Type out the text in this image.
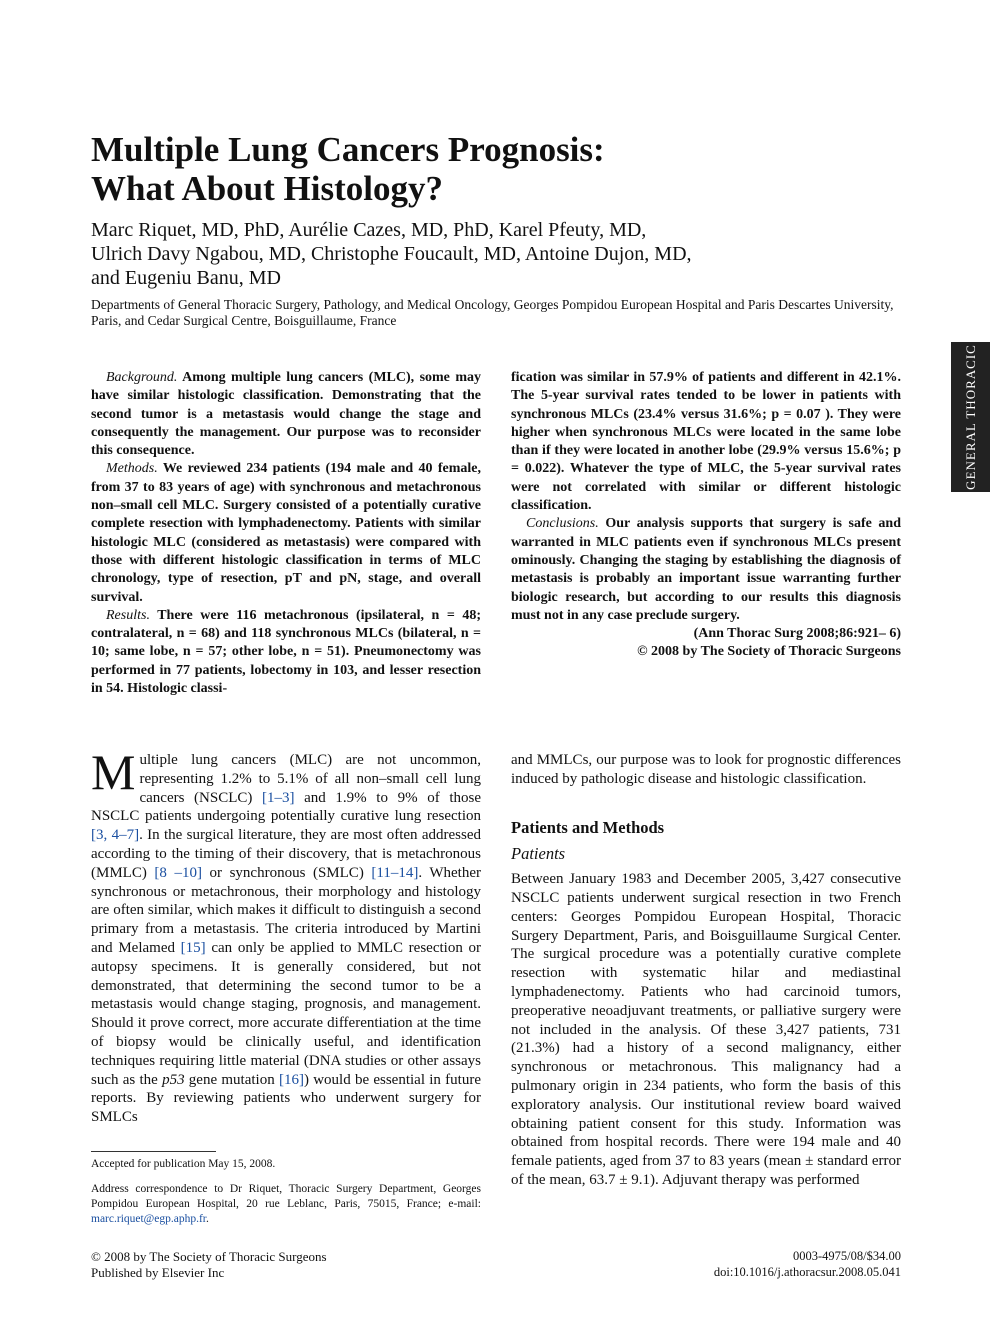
Multiple Lung Cancers Prognosis:
What About Histology?
Marc Riquet, MD, PhD, Aurélie Cazes, MD, PhD, Karel Pfeuty, MD,
Ulrich Davy Ngabou, MD, Christophe Foucault, MD, Antoine Dujon, MD,
and Eugeniu Banu, MD
Departments of General Thoracic Surgery, Pathology, and Medical Oncology, Georges Pompidou European Hospital and Paris Descartes University, Paris, and Cedar Surgical Centre, Boisguillaume, France
GENERAL THORACIC

Background. Among multiple lung cancers (MLC), some may have similar histologic classification. Demonstrating that the second tumor is a metastasis would change the stage and consequently the management. Our purpose was to reconsider this consequence.

Methods. We reviewed 234 patients (194 male and 40 female, from 37 to 83 years of age) with synchronous and metachronous non–small cell MLC. Surgery consisted of a potentially curative complete resection with lymphadenectomy. Patients with similar histologic MLC (considered as metastasis) were compared with those with different histologic classification in terms of MLC chronology, type of resection, pT and pN, stage, and overall survival.

Results. There were 116 metachronous (ipsilateral, n = 48; contralateral, n = 68) and 118 synchronous MLCs (bilateral, n = 10; same lobe, n = 57; other lobe, n = 51). Pneumonectomy was performed in 77 patients, lobectomy in 103, and lesser resection in 54. Histologic classi-

fication was similar in 57.9% of patients and different in 42.1%. The 5-year survival rates tended to be lower in patients with synchronous MLCs (23.4% versus 31.6%; p = 0.07 ). They were higher when synchronous MLCs were located in the same lobe than if they were located in another lobe (29.9% versus 15.6%; p = 0.022). Whatever the type of MLC, the 5-year survival rates were not correlated with similar or different histologic classification.

Conclusions. Our analysis supports that surgery is safe and warranted in MLC patients even if synchronous MLCs present ominously. Changing the staging by establishing the diagnosis of metastasis is probably an important issue warranting further biologic research, but according to our results this diagnosis must not in any case preclude surgery.

(Ann Thorac Surg 2008;86:921– 6)
© 2008 by The Society of Thoracic Surgeons

Multiple lung cancers (MLC) are not uncommon, representing 1.2% to 5.1% of all non–small cell lung cancers (NSCLC) [1–3] and 1.9% to 9% of those NSCLC patients undergoing potentially curative lung resection [3, 4–7]. In the surgical literature, they are most often addressed according to the timing of their discovery, that is metachronous (MMLC) [8 –10] or synchronous (SMLC) [11–14]. Whether synchronous or metachronous, their morphology and histology are often similar, which makes it difficult to distinguish a second primary from a metastasis. The criteria introduced by Martini and Melamed [15] can only be applied to MMLC resection or autopsy specimens. It is generally considered, but not demonstrated, that determining the second tumor to be a metastasis would change staging, prognosis, and management. Should it prove correct, more accurate differentiation at the time of biopsy would be clinically useful, and identification techniques requiring little material (DNA studies or other assays such as the p53 gene mutation [16]) would be essential in future reports. By reviewing patients who underwent surgery for SMLCs

and MMLCs, our purpose was to look for prognostic differences induced by pathologic disease and histologic classification.

Patients and Methods

Patients

Between January 1983 and December 2005, 3,427 consecutive NSCLC patients underwent surgical resection in two French centers: Georges Pompidou European Hospital, Thoracic Surgery Department, Paris, and Boisguillaume Surgical Center. The surgical procedure was a potentially curative complete resection with systematic hilar and mediastinal lymphadenectomy. Patients who had carcinoid tumors, preoperative neoadjuvant treatments, or palliative surgery were not included in the analysis. Of these 3,427 patients, 731 (21.3%) had a history of a second malignancy, either synchronous or metachronous. This malignancy had a pulmonary origin in 234 patients, who form the basis of this exploratory analysis. Our institutional review board waived obtaining patient consent for this study. Information was obtained from hospital records. There were 194 male and 40 female patients, aged from 37 to 83 years (mean ± standard error of the mean, 63.7 ± 9.1). Adjuvant therapy was performed

Accepted for publication May 15, 2008.

Address correspondence to Dr Riquet, Thoracic Surgery Department, Georges Pompidou European Hospital, 20 rue Leblanc, Paris, 75015, France; e-mail: marc.riquet@egp.aphp.fr.

© 2008 by The Society of Thoracic Surgeons
Published by Elsevier Inc
0003-4975/08/$34.00
doi:10.1016/j.athoracsur.2008.05.041
